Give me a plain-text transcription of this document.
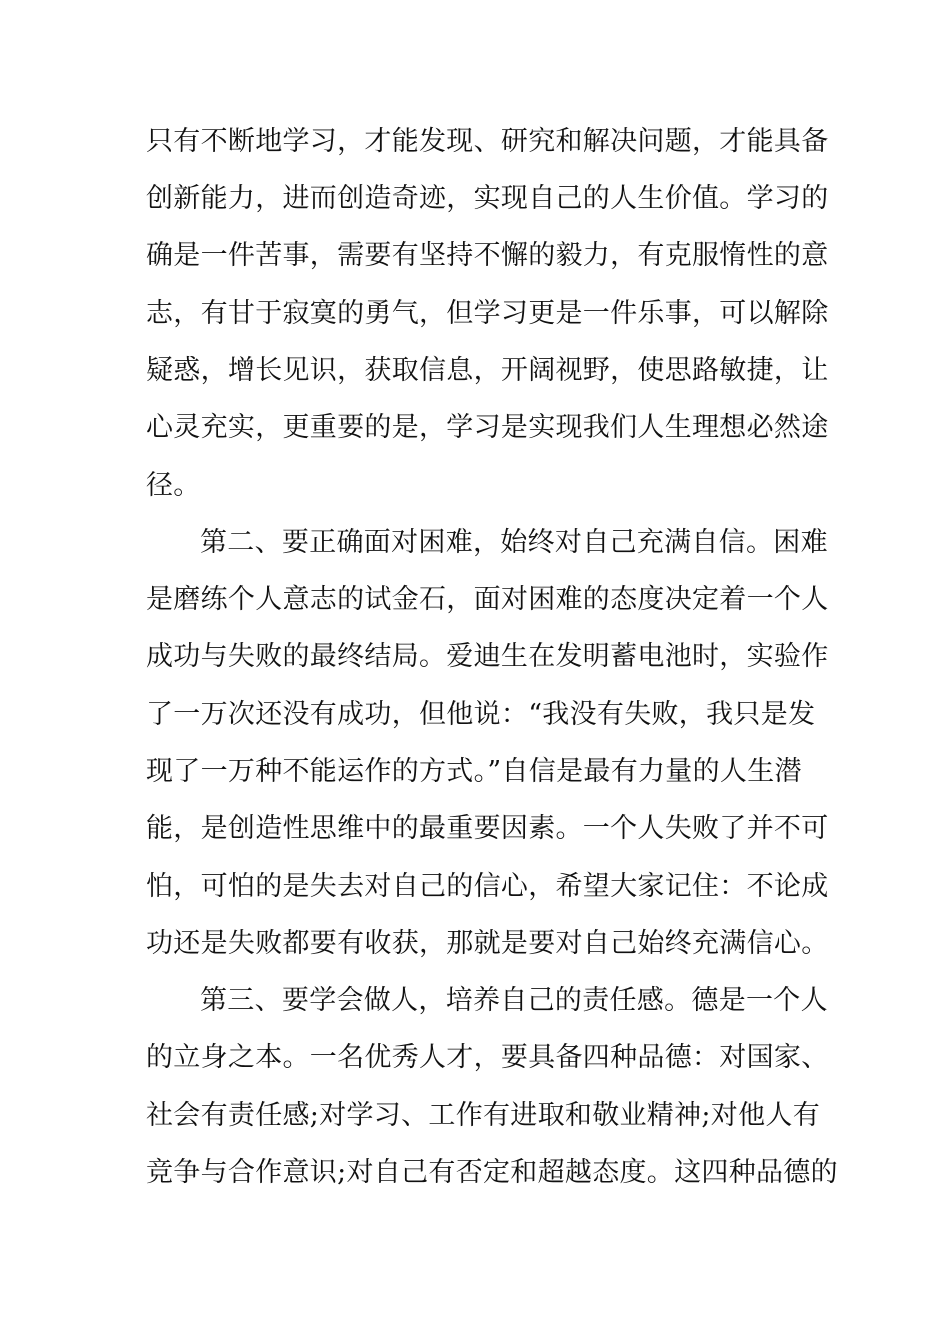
只有不断地学习，才能发现、研究和解决问题，才能具备
创新能力，进而创造奇迹，实现自己的人生价值。学习的
确是一件苦事，需要有坚持不懈的毅力，有克服惰性的意
志，有甘于寂寞的勇气，但学习更是一件乐事，可以解除
疑惑，增长见识，获取信息，开阔视野，使思路敏捷，让
心灵充实，更重要的是，学习是实现我们人生理想必然途
径。
第二、要正确面对困难，始终对自己充满自信。困难
是磨练个人意志的试金石，面对困难的态度决定着一个人
成功与失败的最终结局。爱迪生在发明蓄电池时，实验作
了一万次还没有成功，但他说：“我没有失败，我只是发
现了一万种不能运作的方式。”自信是最有力量的人生潜
能，是创造性思维中的最重要因素。一个人失败了并不可
怕，可怕的是失去对自己的信心，希望大家记住：不论成
功还是失败都要有收获，那就是要对自己始终充满信心。
第三、要学会做人，培养自己的责任感。德是一个人
的立身之本。一名优秀人才，要具备四种品德：对国家、
社会有责任感;对学习、工作有进取和敬业精神;对他人有
竞争与合作意识;对自己有否定和超越态度。这四种品德的
